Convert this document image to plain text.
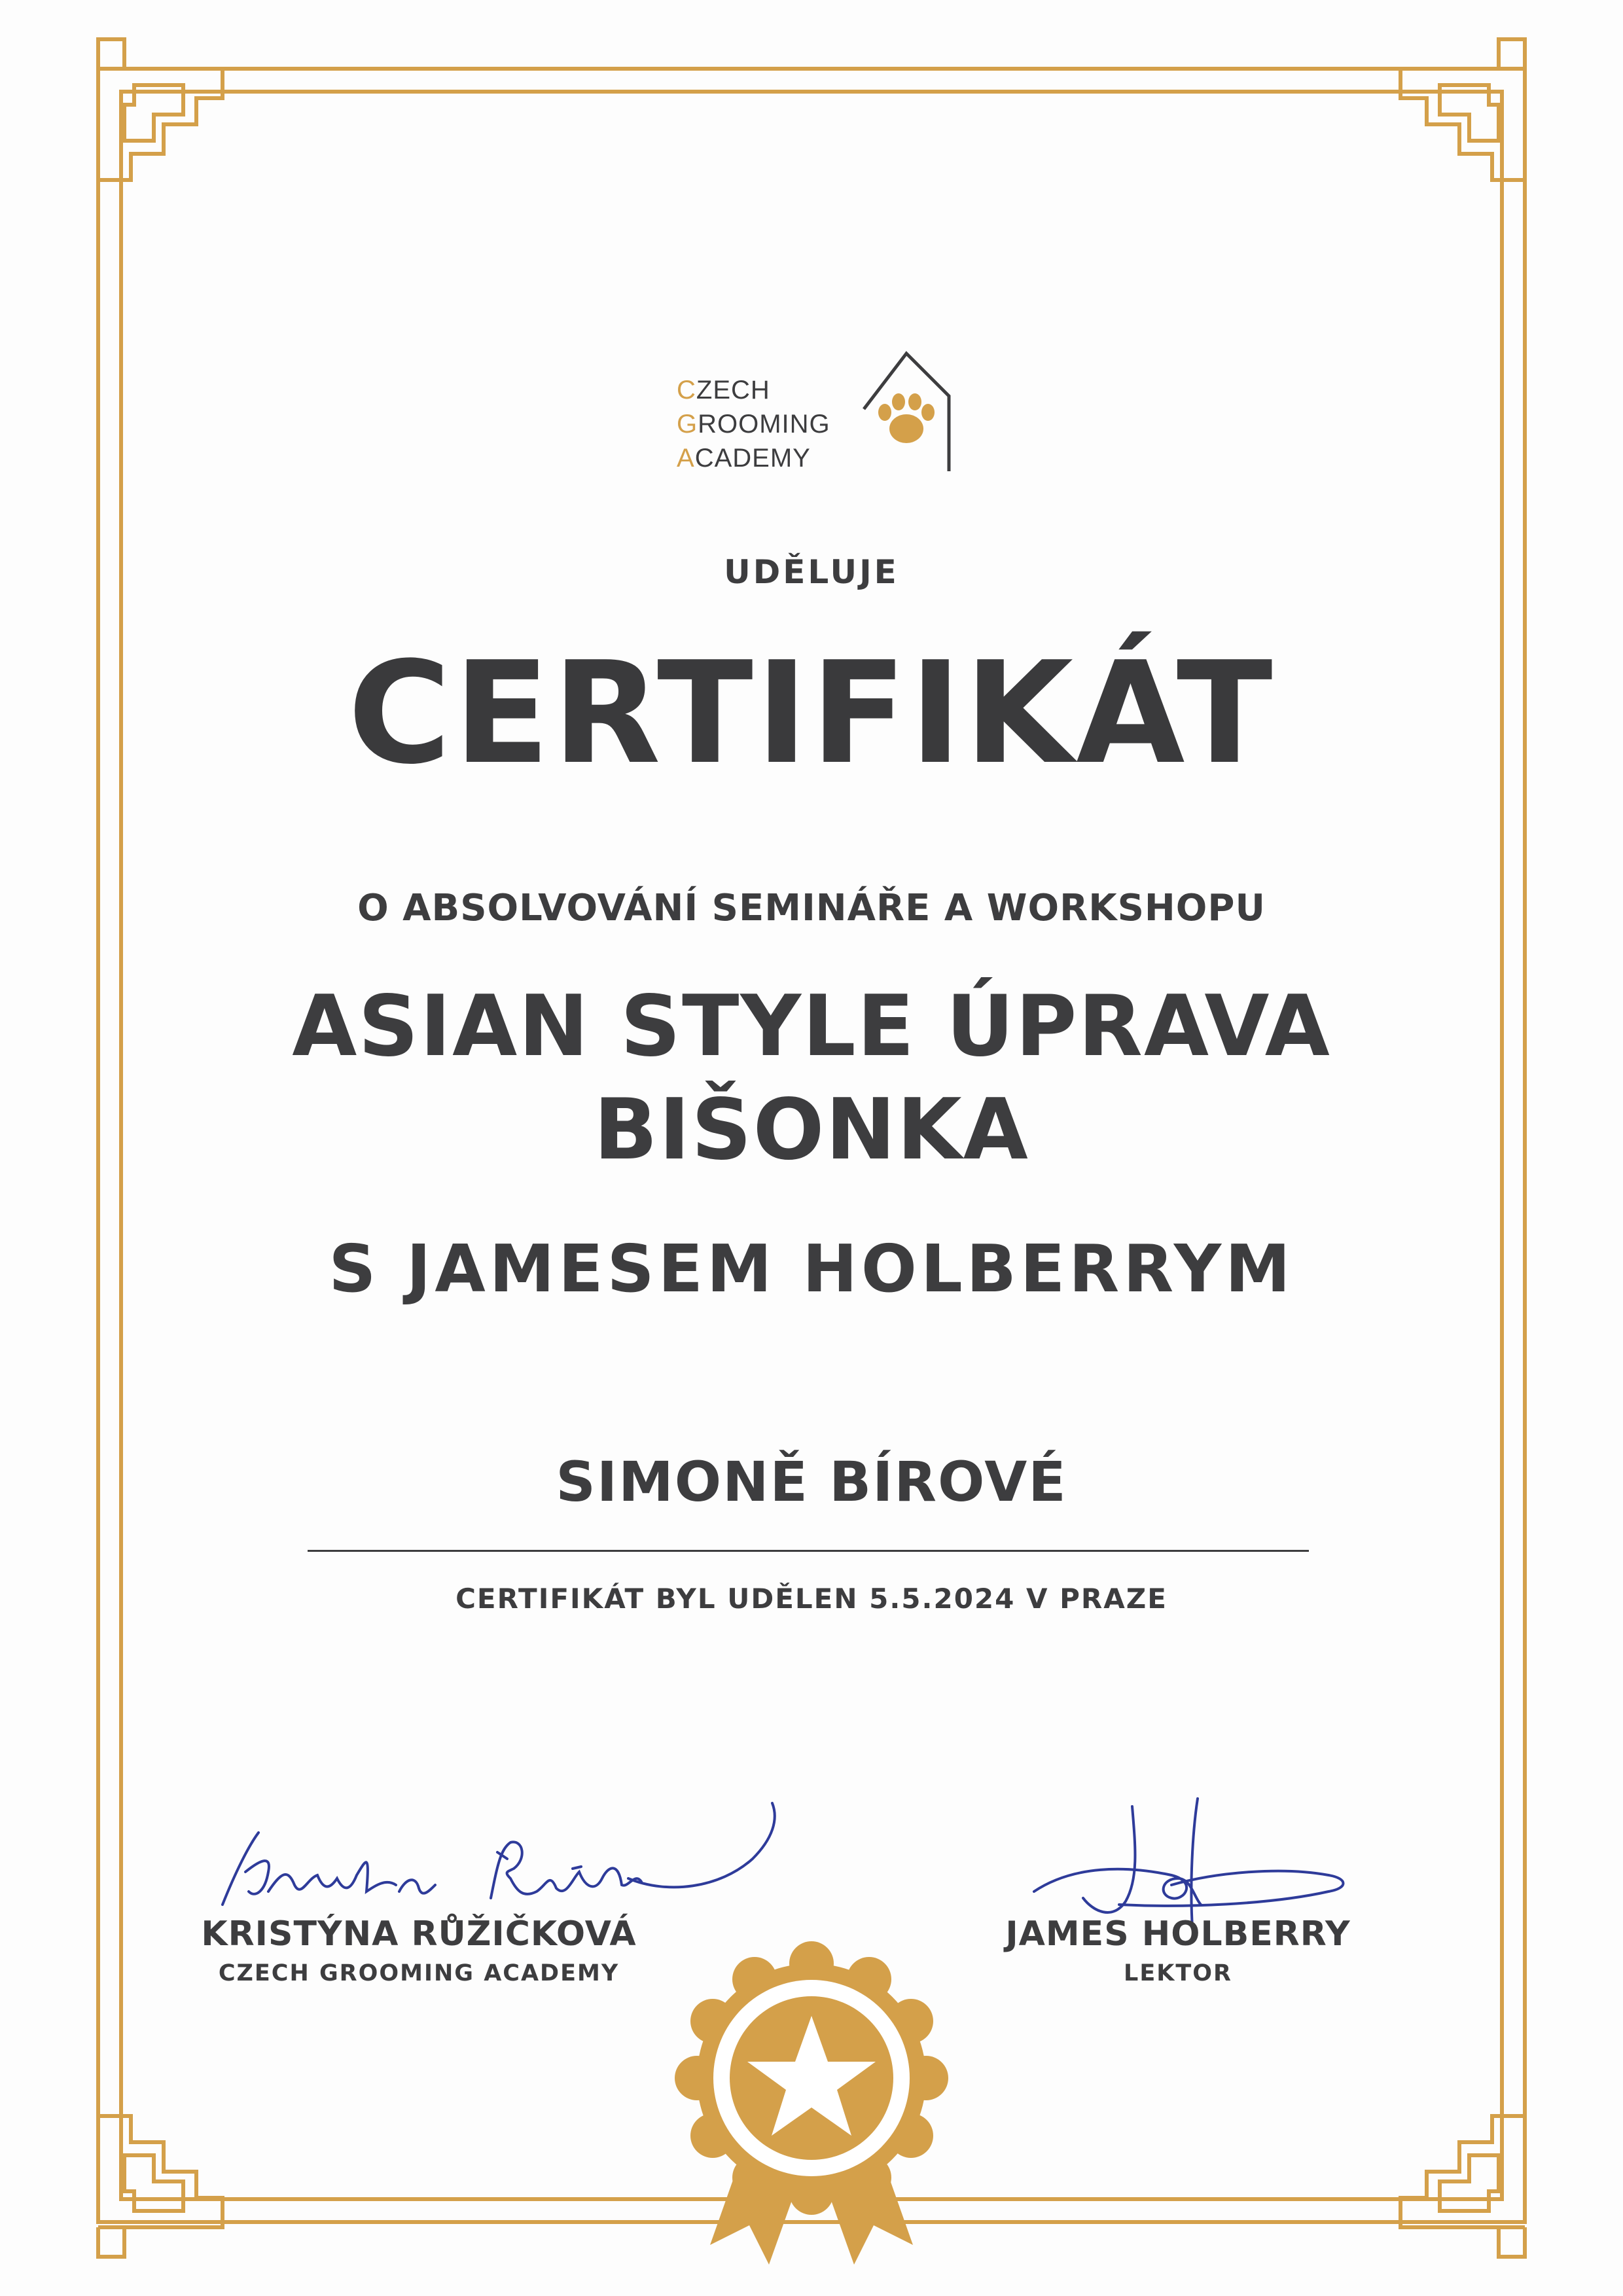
CZECH
GROOMING
ACADEMY
UDĚLUJE
CERTIFIKÁT
O ABSOLVOVÁNÍ SEMINÁŘE A WORKSHOPU
ASIAN STYLE ÚPRAVA
BIŠONKA
S JAMESEM HOLBERRYM
SIMONĚ BÍROVÉ
CERTIFIKÁT BYL UDĚLEN 5.5.2024 V PRAZE
KRISTÝNA RŮŽIČKOVÁ
CZECH GROOMING ACADEMY
JAMES HOLBERRY
LEKTOR
